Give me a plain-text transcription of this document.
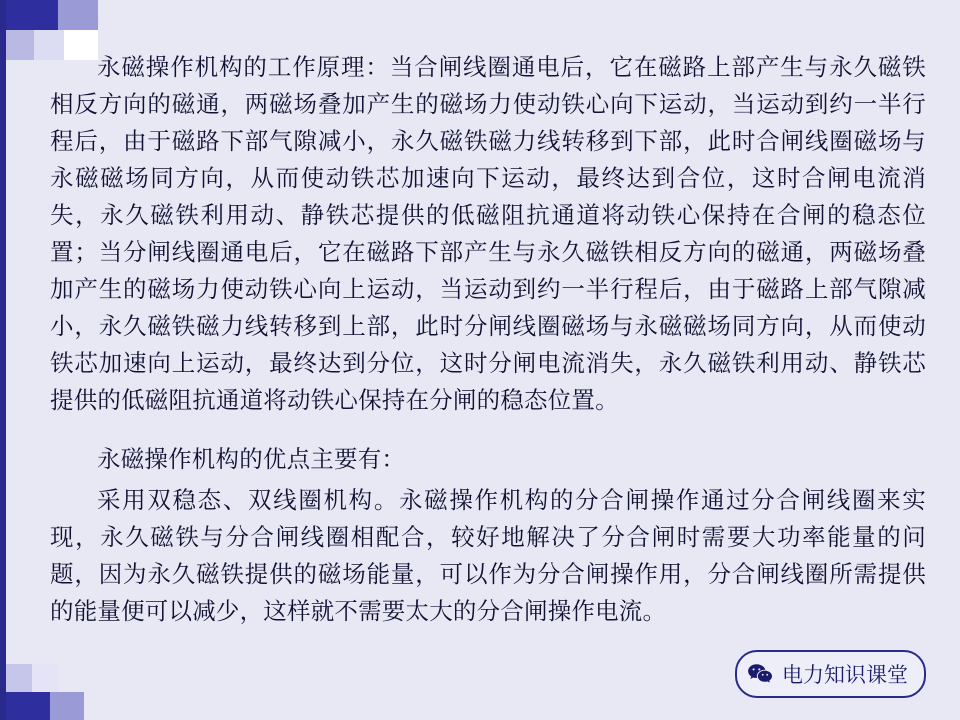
永磁操作机构的工作原理：当合闸线圈通电后，它在磁路上部产生与永久磁铁相反方向的磁通，两磁场叠加产生的磁场力使动铁心向下运动，当运动到约一半行程后，由于磁路下部气隙减小，永久磁铁磁力线转移到下部，此时合闸线圈磁场与永磁磁场同方向，从而使动铁芯加速向下运动，最终达到合位，这时合闸电流消失，永久磁铁利用动、静铁芯提供的低磁阻抗通道将动铁心保持在合闸的稳态位置；当分闸线圈通电后，它在磁路下部产生与永久磁铁相反方向的磁通，两磁场叠加产生的磁场力使动铁心向上运动，当运动到约一半行程后，由于磁路上部气隙减小，永久磁铁磁力线转移到上部，此时分闸线圈磁场与永磁磁场同方向，从而使动铁芯加速向上运动，最终达到分位，这时分闸电流消失，永久磁铁利用动、静铁芯提供的低磁阻抗通道将动铁心保持在分闸的稳态位置。

永磁操作机构的优点主要有：

采用双稳态、双线圈机构。永磁操作机构的分合闸操作通过分合闸线圈来实现，永久磁铁与分合闸线圈相配合，较好地解决了分合闸时需要大功率能量的问题，因为永久磁铁提供的磁场能量，可以作为分合闸操作用，分合闸线圈所需提供的能量便可以减少，这样就不需要太大的分合闸操作电流。

电力知识课堂
